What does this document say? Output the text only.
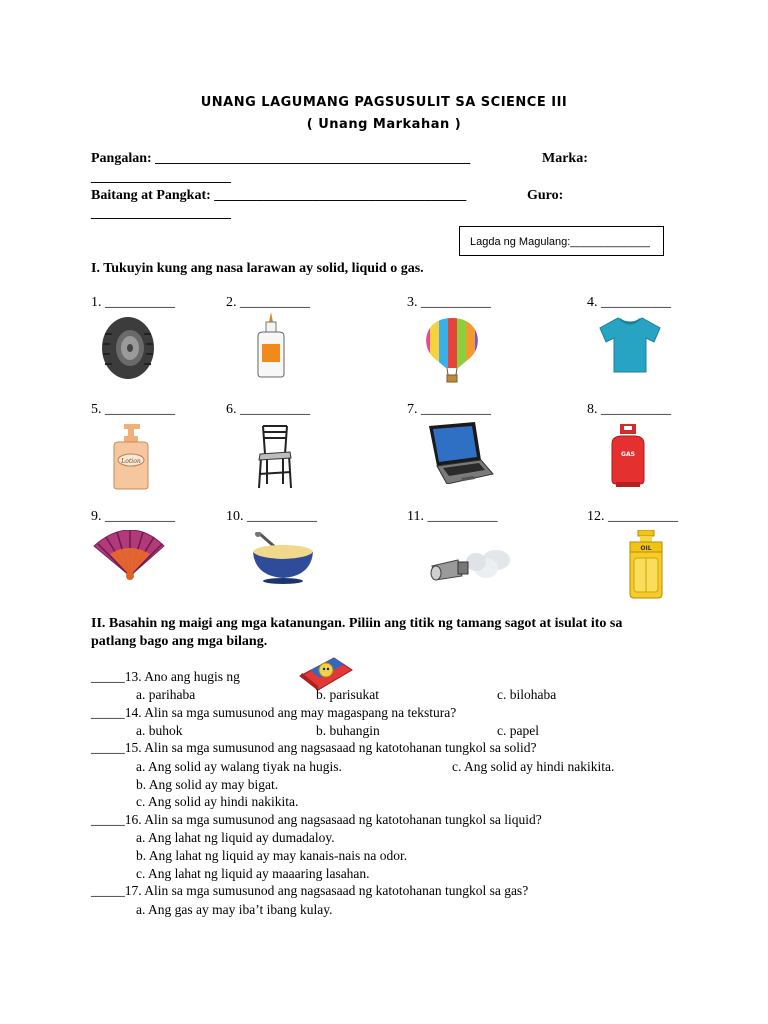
UNANG LAGUMANG PAGSUSULIT SA SCIENCE III
( Unang Markahan )
Pangalan: _____________________________________________	Marka:
____________________
Baitang at Pangkat: ____________________________________	Guro:
____________________
Lagda ng Magulang:_____________
I. Tukuyin kung ang nasa larawan ay solid, liquid o gas.
1. __________	2. __________	3. __________	4. __________
5. __________	6. __________	7. __________	8. __________
9. __________	10. __________	11. __________	12. __________
Lotion
GAS
OIL
II. Basahin ng maigi ang mga katanungan. Piliin ang titik ng tamang sagot at isulat ito sa
patlang bago ang mga bilang.
_____13. Ano ang hugis ng
a. parihaba	b. parisukat	c. bilohaba
_____14. Alin sa mga sumusunod ang may magaspang na tekstura?
a. buhok	b. buhangin	c. papel
_____15. Alin sa mga sumusunod ang nagsasaad ng katotohanan tungkol sa solid?
a. Ang solid ay walang tiyak na hugis.	c. Ang solid ay hindi nakikita.
b. Ang solid ay may bigat.
c. Ang solid ay hindi nakikita.
_____16. Alin sa mga sumusunod ang nagsasaad ng katotohanan tungkol sa liquid?
a. Ang lahat ng liquid ay dumadaloy.
b. Ang lahat ng liquid ay may kanais-nais na odor.
c. Ang lahat ng liquid ay maaaring lasahan.
_____17. Alin sa mga sumusunod ang nagsasaad ng katotohanan tungkol sa gas?
a. Ang gas ay may iba’t ibang kulay.
